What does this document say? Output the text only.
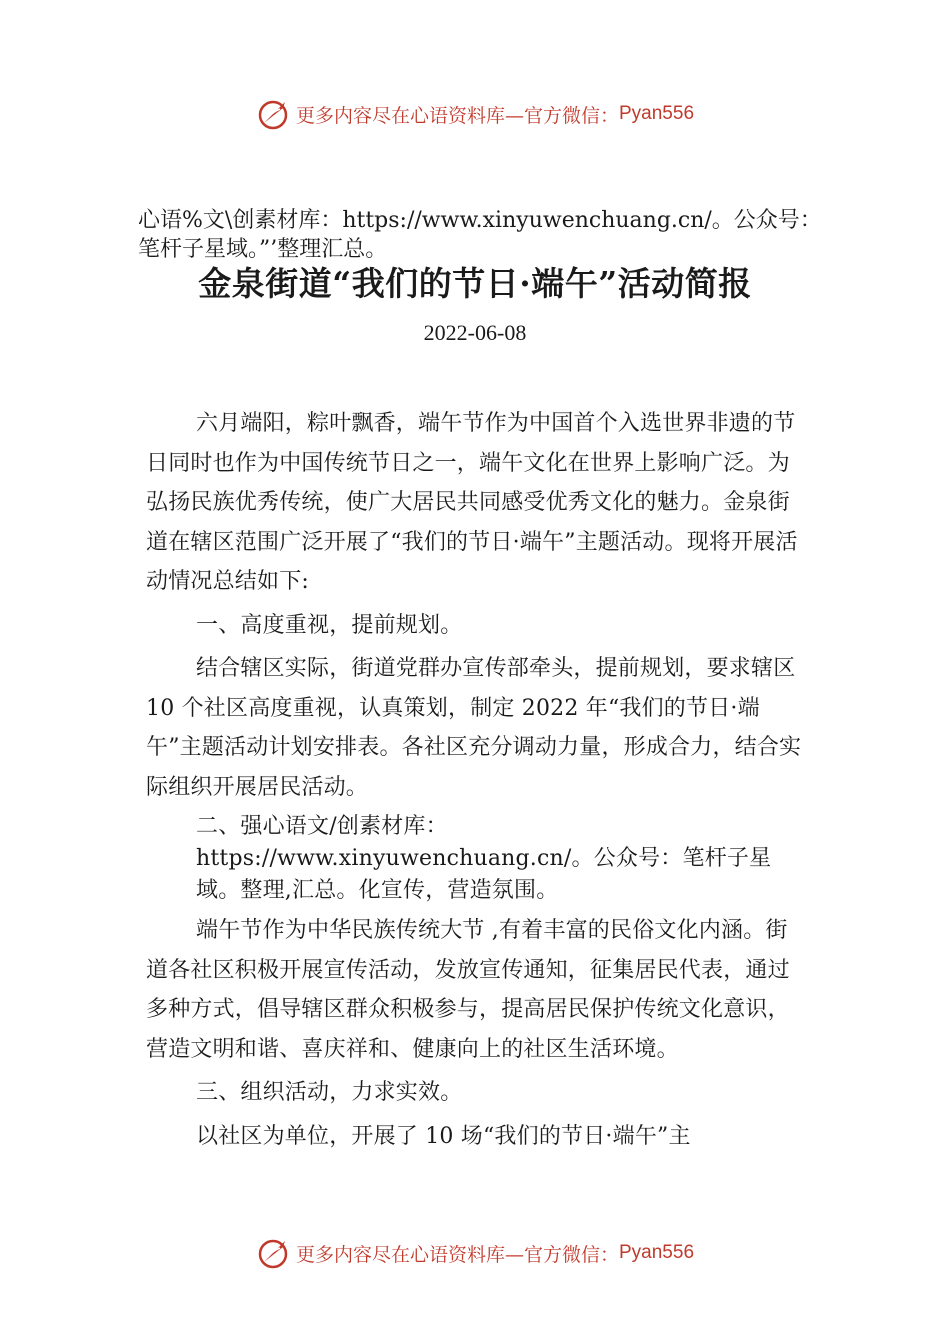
更多内容尽在心语资料库—官方微信： Pyan556
心语%文\创素材库：https://www.xinyuwenchuang.cn/。公众号：笔杆子星域。”’整理汇总。
金泉街道“我们的节日·端午”活动简报
2022-06-08

六月端阳，粽叶飘香，端午节作为中国首个入选世界非遗的节日同时也作为中国传统节日之一，端午文化在世界上影响广泛。为弘扬民族优秀传统，使广大居民共同感受优秀文化的魅力。金泉街道在辖区范围广泛开展了“我们的节日·端午”主题活动。现将开展活动情况总结如下:

一、高度重视，提前规划。

结合辖区实际，街道党群办宣传部牵头，提前规划，要求辖区 10 个社区高度重视，认真策划，制定 2022 年“我们的节日·端午”主题活动计划安排表。各社区充分调动力量，形成合力，结合实际组织开展居民活动。

二、强心语文/创素材库：https://www.xinyuwenchuang.cn/。公众号：笔杆子星域。整理,汇总。化宣传，营造氛围。

端午节作为中华民族传统大节 ,有着丰富的民俗文化内涵。街道各社区积极开展宣传活动，发放宣传通知，征集居民代表，通过多种方式，倡导辖区群众积极参与，提高居民保护传统文化意识，营造文明和谐、喜庆祥和、健康向上的社区生活环境。

三、组织活动，力求实效。

以社区为单位，开展了 10 场“我们的节日·端午”主

更多内容尽在心语资料库—官方微信： Pyan556
